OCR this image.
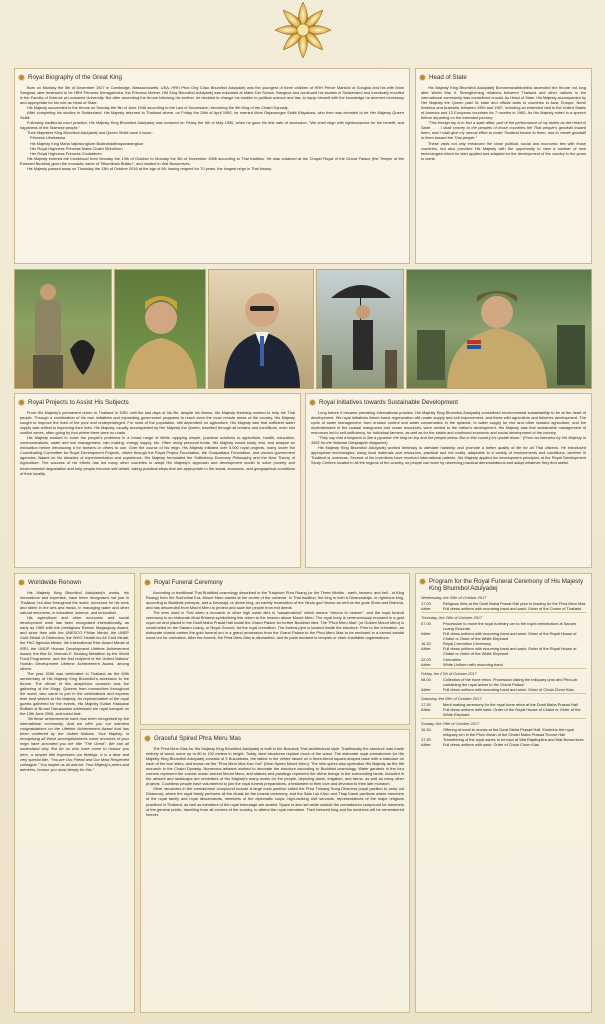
Royal Biography of the Great King

Born on Monday the 5th of December 1927 in Cambridge, Massachusetts, USA, HRH Phra Ong Chao Bhumibol Adulyadej was the youngest of three children of HRH Prince Mahidol of Songkla and his wife Mom Sangwal, later bestowed to be HRH Princess Srinagarindra, the Princess Mother. HM King Bhumibol Adulyadej was educated at Mater Dei School, Bangkok and continued his studies in Switzerland and eventually enrolled in the Faculty of Science at Lausanne University. But after ascending the throne following his brother, he decided to change his studies to political science and law, to equip himself with the knowledge he deemed necessary and appropriate for his role as Head of State.

His Majesty succeeded to the throne on Sunday the 9th of June 1946 according to the Law of Succession, becoming the 9th King of the Chakri Dynasty.

After completing his studies in Switzerland, His Majesty returned to Thailand where, on Friday the 28th of April 1950, he married Mom Rajawongse Sirikit Kitiyakara, who then was elevated to be Her Majesty Queen Sirikit.

Following traditional court practice, His Majesty King Bhumibol Adulyadej was crowned on Friday the 5th of May 1950, when he gave his first oath of accession, "We shall reign with righteousness for the benefit, and happiness of the Siamese people."

Their Majesties King Bhumibol Adulyadej and Queen Sirikit have 4 issue :

Princess Ubolratana

His Majesty King Maha Vajiralongkorn Bodindradebayavarangkun

Her Royal Highness Princess Maha Chakri Sirindhorn

Her Royal Highness Princess Chulabhorn

His Majesty entered the monkhood from Monday the 13th of October to Monday the 5th of November 1956 according to Thai tradition. He was ordained at the Chapel Royal of the Grand Palace (the Temple of the Emerald Buddha) given the monastic name of "Bhumibalo Bhikku", and resided in Wat Bowornives.

His Majesty passed away on Thursday the 13th of October 2016 at the age of 89, having reigned for 70 years, the longest reign in Thai history.

Head of State

His Majesty King Bhumibol Adulyadej Borommanathbobitra ascended the throne not long after World War II. Strengthening relations between Thailand and other nations in the international community was considered crucial. As Head of State, His Majesty accompanied by Her Majesty the Queen paid 31 state and official visits to countries in Asia, Europe, North America and Australia, between 1959 and 1967, including an extended visit to the United States of America and 13 European countries for 7 months in 1960. As His Majesty noted in a speech before departing on the extended journey:

"This foreign trip is in fact a state affair, part of the performance of my duties as the Head of State. . . . I shall convey to the peoples of those countries the Thai people's goodwill toward them, and I shall give my utmost effort to make Thailand known to them, and to create goodwill in them toward the Thai people."

These visits not only enhanced the close political, social and economic ties with those countries, but also provided His Majesty with the opportunity to view a number of new technologies which he later applied and adapted for the development of the country in the years to come.

Royal Projects to Assist His Subjects

From His Majesty's permanent return to Thailand in 1951 until the last days of his life, despite his illness, His Majesty tirelessly worked to help the Thai people. Through a combination of his own initiatives and expanding government programs to reach even the most remote areas of the country, His Majesty sought to improve the lives of the poor and underprivileged. For most of the population, still dependent on agriculture, His Majesty saw that sufficient water supply was critical to improving their lives. His Majesty, usually accompanied by Her Majesty the Queen, travelled through all terrains and conditions, even into conflict zones, often going by foot where there were no roads.

His Majesty worked to solve the people's problems in a broad range of fields: applying simple, practical solutions to agriculture, health, education, communications, water and soil management, rain making, energy supply, etc. Often using personal funds, His Majesty would study, test, and analyse an innovation before introducing it for farmers or others to use. Over the course of his reign, His Majesty initiated over 5,000 royal projects, many under the Coordinating Committee for Royal Development Projects, others through the Royal Project Foundation, the Chaipattana Foundation, and various government agencies. Based on his decades of experimentation and experience, His Majesty formulated the Sufficiency Economy Philosophy and the New Theory of Agriculture. The success of his efforts has led many other countries to adopt His Majesty's approach and development model to solve poverty and environmental degradation and help people become self-reliant, taking practical steps that are appropriate to the social, economic, and geographical conditions of their locality.

Royal Initiatives towards Sustainable Development

Long before it became prevailing international practice, His Majesty King Bhumibol Adulyadej considered environmental sustainability to be at the heart of development. His royal initiatives linked forest regeneration with water supply and soil improvement, and these with agriculture and fisheries development. The cycle of water management, from erosion control and water conservation in the uplands, to water supply for rice and other lowland agriculture, and the replenishment of the coastal mangroves and ocean resources, were central to the nation's development. His Majesty saw that sustainable management of resources led to self-sufficiency, for individual farmers, as well as for the stable and continued economic and social development of the country.

"They say that a kingdom is like a pyramid: the king on top and the people below. But in this country it's upside down." (From an interview by His Majesty in 1982 for the National Geographic Magazine)

His Majesty King Bhumibol Adulyadej worked tirelessly to alleviate hardship and promote a better quality of life for all Thai citizens. He introduced appropriate technologies, using local materials and resources, practical and not costly, adaptable to a variety of environments and conditions, whether in Thailand or overseas. Several of his inventions have received international patents. His Majesty applied his development principles at the Royal Development Study Centres located in all the regions of the country, so people can learn by observing practical demonstrations and adapt whatever they find useful.

Worldwide Renown

His Majesty King Bhumibol Adulyadej's works, his innovations and expertise, have been recognised not just in Thailand, but also throughout the world, honoured for his work and talent in the arts and music, in managing water and other natural resources, in education, science, and innovation.

His agricultural and other economic and social development work has been recognised internationally, as early as 1969 with the prestigious Ramon Magsaysay Award, and since then with the UNESCO Philae Medal, the UNEP Gold Medal of Distinction, the WHO Health-for-All Gold Medal, the FAO Agricola Medal, the International Rice Award Medal of IRRI, the UNDP Human Development Lifetime Achievement Award, the first Dr. Norman E. Borlaug Medallion by the World Food Programme, and the first recipient of the United Nations' Human Development Lifetime Achievement Award, among others.

The year 2006 was celebrated in Thailand as the 60th anniversary of His Majesty King Bhumibol's accession to the throne. The climax of this auspicious occasion was the gathering of the Kings, Queens from monarchies throughout the world, who came to join in the celebrations and express their best wishes to His Majesty. As representative of the royal guests gathered for the events, His Majesty Sultan Hassanal Bolkiah of Brunei Darussalam addressed the royal banquet on the 13th June 2006, and noted that:

"All these achievements have now been recognised by the international community. And we offer you our warmest congratulations on the Lifetime Achievement Award that has been conferred by the United Nations. Your Majesty, in recognising all these accomplishments some accounts of your reign have accorded you the title "The Great". We can all understand why. But for us who have come to honour you here, a simpler title expresses our feelings. It is a dear and very special title, "You are Our Friend and Our Most Respected colleague." You inspire us all and we, Your Majesty's peers and admirers, honour you most deeply for this."

Royal Funeral Ceremony

According to traditional Thai Buddhist cosmology described in the Traiphum Phra Ruang (or the Three Worlds - earth, heaven, and hell - of King Ruang) from the Sukhothai Era, Mount Meru stands at the centre of the universe. In Thai tradition, the king is both a Dhammaraja, or righteous king, according to Buddhist precepts, and a Devaraja, or divine king, an earthly incarnation of the Hindu god Vishnu as well as the gods Shiva and Brahma, and has descended from Mount Meru to protect and save the people from evil deeds.

The term used in Thai when a monarch or other high noble dies is "sawannakhot" which means "returns to heaven", and the royal funeral ceremony is an elaborate ritual Brhama symbolising this return to the heaven above Mount Meru. The royal body is ceremoniously encased in a gold royal urn and placed in the Dusit Maha Prasat Hall inside the Grand Palace for further Buddhist rites. The "Phra Meru Mas" (or Golden Mount Meru) is constructed on the Sanam Luang, or Royal Ground, for the royal cremation. The funeral pyre is located inside the structure. Prior to the cremation, an elaborate chariot carries the gold funeral urn in a grand procession from the Grand Palace to the Phra Meru Mas to be enclosed in a carved sandal wood urn for cremation. After the funeral, the Phra Meru Mas is dismantled, and its parts donated to temples or other charitable organisations.

Graceful Spired Phra Meru Mas

The Phra Meru Mas for His Majesty King Bhumibol Adulyadej is built in the Busobok Thai architectural style. Traditionally the structure was made entirely of wood, some up to 80 to 100 meters in height. Today, steel structures replace much of the wood. The elaborate royal crematorium for His Majesty King Bhumibol Adulyadej consists of 9 Busobboks, the tallest in the centre raised on a three-tiered square-shaped base with a staircase on each of the four sides, and known as the "Phra Meru Mas Kao Yod" (Nine-Spired Mount Meru). The nine spires also symbolise His Majesty as the 9th monarch in the Chakri Dynasty. Numerous artisans worked to decorate the structure according to Buddhist cosmology. Water gardens in the four corners represent the cosmic ocean around Mount Meru, and statues and paintings represent the divine beings in the surrounding lands. Included in the artwork and landscape are reminders of His Majesty's many works for the people, depicting dams, irrigation, and farms, as well as many other projects. Countless people have volunteered to join the royal funeral preparations, a testament to their love and devotion to their late monarch.

Other structures in the crematorium compound include a large main pavilion called the Phra Thinang Song Dhamma (royal pavilion to carry out Dhamma), where the royal family performs all the rituals for the funeral ceremony, and the Sala Luk Khun and Thap Kaset pavilions where members of the royal family and royal descendants, members of the diplomatic corps, high-ranking civil servants, representatives of the major religions practiced in Thailand, as well as members of the royal entourage are seated. Space is also set aside outside the crematorium compound for members of the general public, travelling from all corners of the country, to attend the royal cremation. Their beloved king and his kindness will be remembered forever.

Program for the Royal Funeral Ceremony of His Majesty King Bhumibol Adulyadej
Wednesday, the 25th of October 2017
17.00	Religious rites at the Dusit Maha Prasat Hall prior to leaving for the Phra Meru Mas
Attire:	Full dress uniform with mourning band and sash: Order of the Crown of Thailand
Thursday, the 26th of October 2017
07.00	Procession to move the royal funerary urn to the royal crematorium at Sanam Luang Grounds
Attire:	Full dress uniform with mourning band and sash: Order of the Royal House of Chakri or Order of the White Elephant
16.30	Royal Cremation Ceremony
Attire:	Full dress uniform with mourning band and sash: Order of the Royal House of Chakri or Order of the White Elephant
22.00	Cremation
Attire:	White Uniform with mourning band
Friday, the 27th of October 2017
08.00	Collection of the bone relics. Procession taking the reliquary urns and Phra-ob containing the royal ashes to the Grand Palace
Attire:	Full dress uniform with mourning band and sash: Order of Chula Chom Klao
Saturday, the 28th of October 2017
17.30	Merit making ceremony for the royal bone relics at the Dusit Maha Prasad Hall
Attire:	Full dress uniform with sash: Order of the Royal House of Chakri or Order of the White Elephant
Sunday, the 29th of October 2017
10.30	Offering of meal to monks at the Dusit Maha Prasad Hall. Enshrine the royal reliquary urn in the Phra Viman of the Chakri Maha Prasad Throne Hall
17.30	Transferring of the royal ashes to be kept at Wat Rajabopitra and Wat Bowornives
Attire:	Full dress uniform with sash: Order of Chula Chom Klao
